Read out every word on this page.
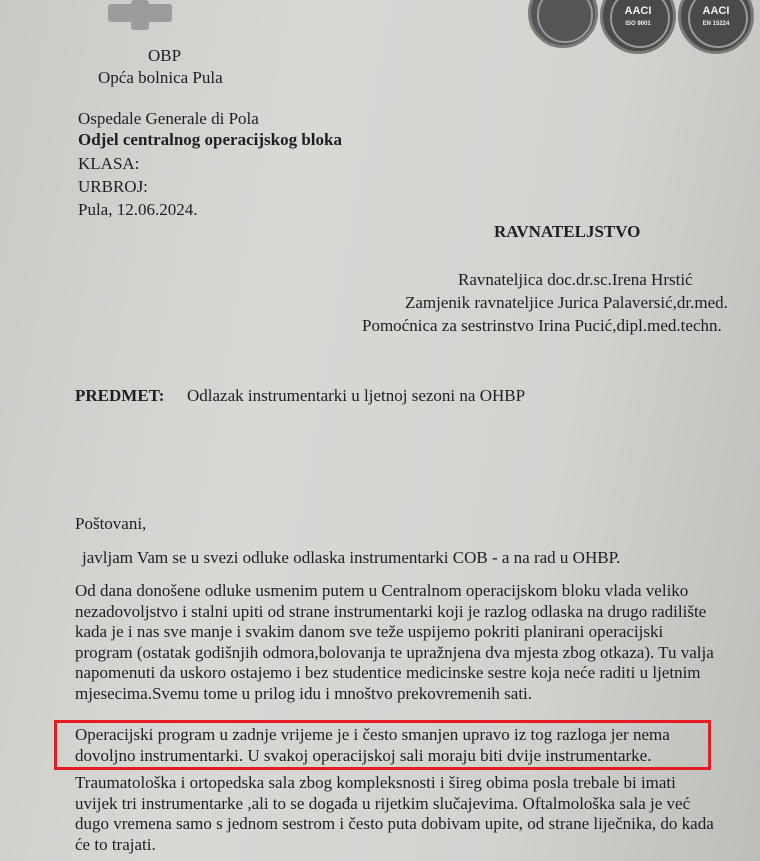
AACI
ISO 9001
AACI
EN 15224
OBP
Opća bolnica Pula
Ospedale Generale di Pola
Odjel centralnog operacijskog bloka
KLASA:
URBROJ:
Pula, 12.06.2024.
RAVNATELJSTVO
Ravnateljica doc.dr.sc.Irena Hrstić
Zamjenik ravnateljice Jurica Palaversić,dr.med.
Pomoćnica za sestrinstvo Irina Pucić,dipl.med.techn.
PREDMET: Odlazak instrumentarki u ljetnoj sezoni na OHBP
Poštovani,
javljam Vam se u svezi odluke odlaska instrumentarki COB - a na rad u OHBP.
Od dana donošene odluke usmenim putem u Centralnom operacijskom bloku vlada veliko
nezadovoljstvo i stalni upiti od strane instrumentarki koji je razlog odlaska na drugo radilište
kada je i nas sve manje i svakim danom sve teže uspijemo pokriti planirani operacijski
program (ostatak godišnjih odmora,bolovanja te upražnjena dva mjesta zbog otkaza). Tu valja
napomenuti da uskoro ostajemo i bez studentice medicinske sestre koja neće raditi u ljetnim
mjesecima.Svemu tome u prilog idu i mnoštvo prekovremenih sati.
Operacijski program u zadnje vrijeme je i često smanjen upravo iz tog razloga jer nema
dovoljno instrumentarki. U svakoj operacijskoj sali moraju biti dvije instrumentarke.
Traumatološka i ortopedska sala zbog kompleksnosti i šireg obima posla trebale bi imati
uvijek tri instrumentarke ,ali to se događa u rijetkim slučajevima. Oftalmološka sala je već
dugo vremena samo s jednom sestrom i često puta dobivam upite, od strane liječnika, do kada
će to trajati.
